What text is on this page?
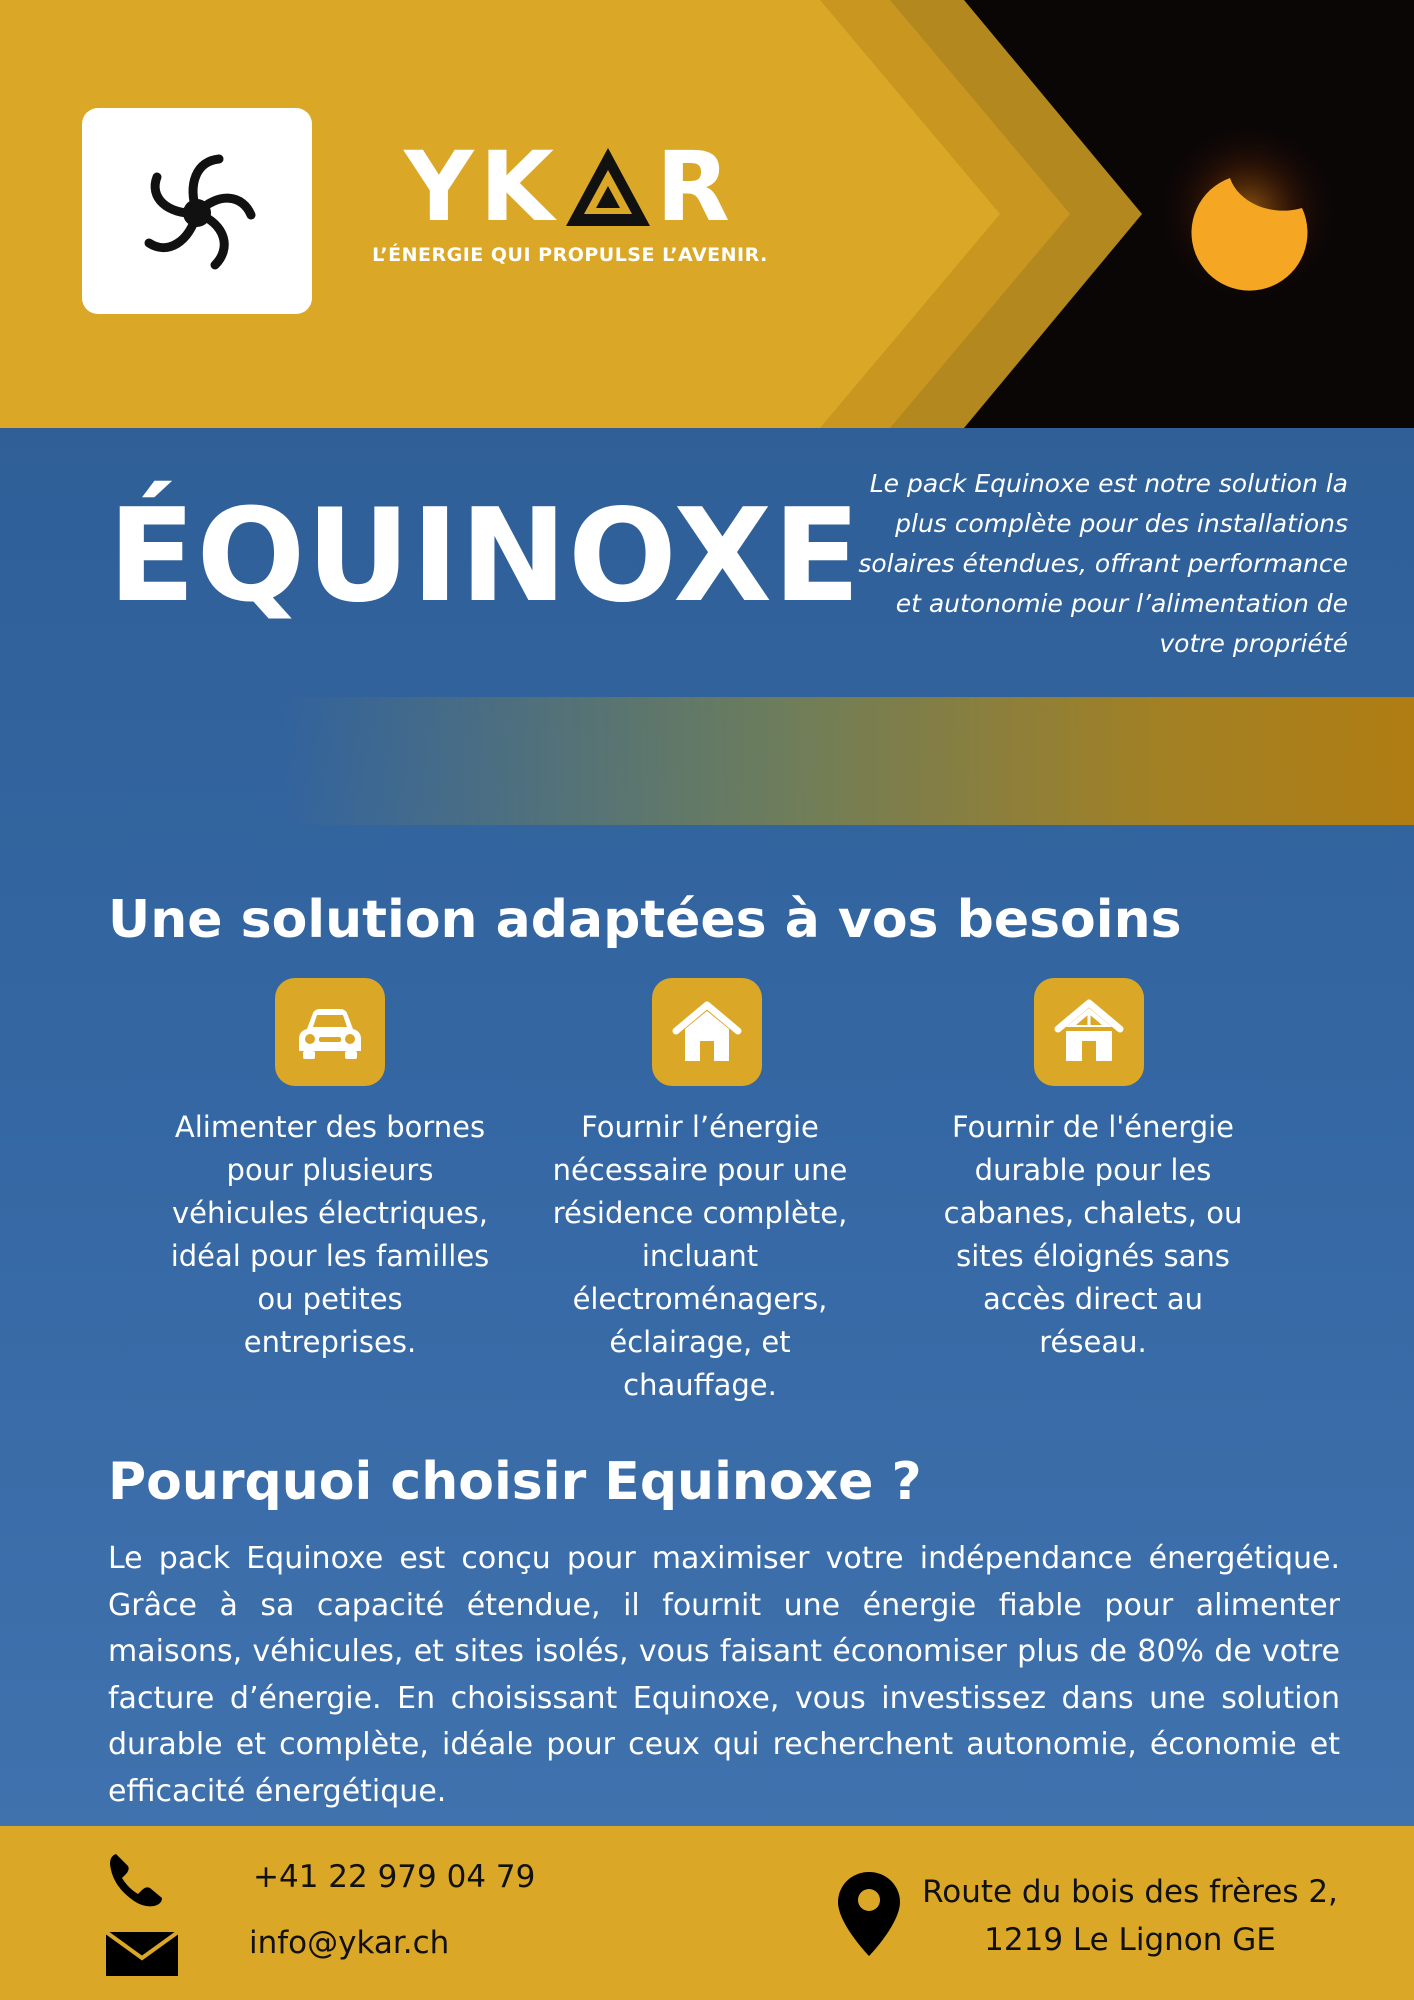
YK R
L’ÉNERGIE QUI PROPULSE L’AVENIR.
ÉQUINOXE Le pack Equinoxe est notre solution la plus complète pour des installations solaires étendues, offrant performance et autonomie pour l’alimentation de votre propriété
Une solution adaptées à vos besoins
Alimenter des bornes pour plusieurs véhicules électriques, idéal pour les familles ou petites entreprises.
Fournir l’énergie nécessaire pour une résidence complète, incluant électroménagers, éclairage, et chauffage.
Fournir de l'énergie durable pour les cabanes, chalets, ou sites éloignés sans accès direct au réseau.
Pourquoi choisir Equinoxe ?
Le pack Equinoxe est conçu pour maximiser votre indépendance énergétique. Grâce à sa capacité étendue, il fournit une énergie fiable pour alimenter maisons, véhicules, et sites isolés, vous faisant économiser plus de 80% de votre facture d’énergie. En choisissant Equinoxe, vous investissez dans une solution durable et complète, idéale pour ceux qui recherchent autonomie, économie et efficacité énergétique.
+41 22 979 04 79
info@ykar.ch
Route du bois des frères 2,
1219 Le Lignon GE
